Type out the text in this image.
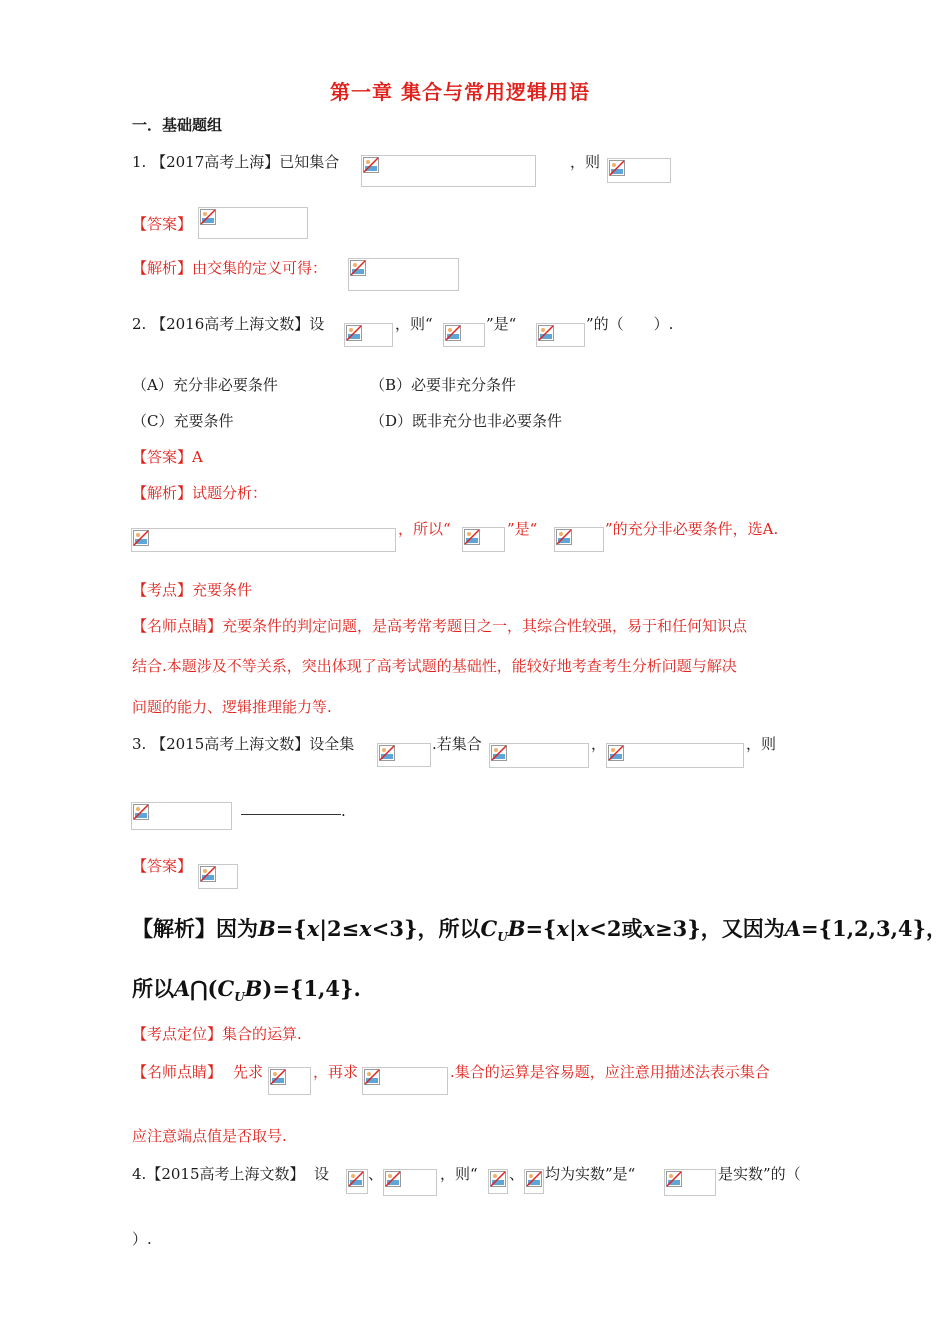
第一章 集合与常用逻辑用语
一．基础题组
1. 【2017高考上海】已知集合	，则
【答案】
【解析】由交集的定义可得：
2. 【2016高考上海文数】设	，则“	”是“	”的（　　）.
（A）充分非必要条件	（B）必要非充分条件
（C）充要条件	（D）既非充分也非必要条件
【答案】A
【解析】试题分析：
，所以“	”是“	”的充分非必要条件，选A.
【考点】充要条件
【名师点睛】充要条件的判定问题，是高考常考题目之一，其综合性较强，易于和任何知识点
结合.本题涉及不等关系，突出体现了高考试题的基础性，能较好地考查考生分析问题与解决
问题的能力、逻辑推理能力等.
3. 【2015高考上海文数】设全集	.若集合	，	，则
.
【答案】
【解析】因为B={x|2≤x<3}，所以$C_UB=\{x|x<2$或x≥3}，又因为A={1,2,3,4}，
所以$A⋂(C_UB)=\{1,4\}$.
【考点定位】集合的运算.
【名师点睛】 先求	，再求	.集合的运算是容易题，应注意用描述法表示集合
应注意端点值是否取号.
4.【2015高考上海文数】 设	、	，则“ 、 均为实数”是“	是实数”的（
）.
